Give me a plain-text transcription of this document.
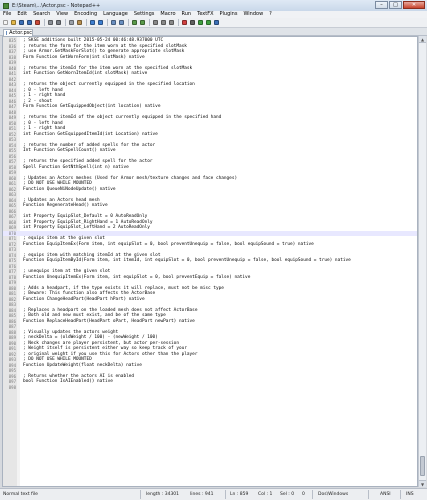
E:\Steam\...\Actor.psc - Notepad++	–	□	✕
File Edit Search View Encoding Language Settings Macro Run TextFX Plugins Window ?
Actor.psc
835 ; SKSE additions built 2015-05-24 00:46:48.937000 UTC
836 ; returns the form for the item worn at the specified slotMask
837 ; use Armor.GetMaskForSlot() to generate appropriate slotMask
838 Form Function GetWornForm(int slotMask) native
839
840 ; returns the itemId for the item worn at the specified slotMask
841 int Function GetWornItemId(int slotMask) native
842
843 ; returns the object currently equipped in the specified location
844 ; 0 - left hand
845 ; 1 - right hand
846 ; 2 - shout
847 Form Function GetEquippedObject(int location) native
848
849 ; returns the itemId of the object currently equipped in the specified hand
850 ; 0 - left hand
851 ; 1 - right hand
852 int Function GetEquippedItemId(int Location) native
853
854 ; returns the number of added spells for the actor
855 Int Function GetSpellCount() native
856
857 ; returns the specified added spell for the actor
858 Spell Function GetNthSpell(int n) native
859
860 ; Updates an Actors meshes (Used for Armor mesh/texture changes and face changes)
861 ; DO NOT USE WHILE MOUNTED
862 Function QueueNiNodeUpdate() native
863
864 ; Updates an Actors head mesh
865 Function RegenerateHead() native
866
867 int Property EquipSlot_Default = 0 AutoReadOnly
868 int Property EquipSlot_RightHand = 1 AutoReadOnly
869 int Property EquipSlot_LeftHand = 2 AutoReadOnly
870
871 ; equips item at the given slot
872 Function EquipItemEx(Form item, int equipSlot = 0, bool preventUnequip = false, bool equipSound = true) native
873
874 ; equips item with matching itemId at the given slot
875 Function EquipItemById(Form item, int itemId, int equipSlot = 0, bool preventUnequip = false, bool equipSound = true) native
876
877 ; unequips item at the given slot
878 Function UnequipItemEx(Form item, int equipSlot = 0, bool preventEquip = false) native
879
880 ; Adds a headpart, if the type exists it will replace, must not be misc type
881 ; Beware: This function also affects the ActorBase
882 Function ChangeHeadPart(HeadPart hPart) native
883
884 ; Replaces a headpart on the loaded mesh does not affect ActorBase
885 ; Both old and new must exist, and be of the same type
886 Function ReplaceHeadPart(HeadPart oPart, HeadPart newPart) native
887
888 ; Visually updates the actors weight
889 ; neckDelta = (oldWeight / 100) - (newWeight / 100)
890 ; Neck changes are player persistent, but actor per-session
891 ; Weight itself is persistent either way so keep track of your
892 ; original weight if you use this for Actors other than the player
893 ; DO NOT USE WHILE MOUNTED
894 Function UpdateWeight(float neckDelta) native
895
896 ; Returns whether the actors AI is enabled
897 bool Function IsAIEnabled() native
898
▲
▼
Normal text file	length : 34301 lines : 941	Ln : 859 Col : 1 Sel : 0 0	Dos\Windows	ANSI	INS
